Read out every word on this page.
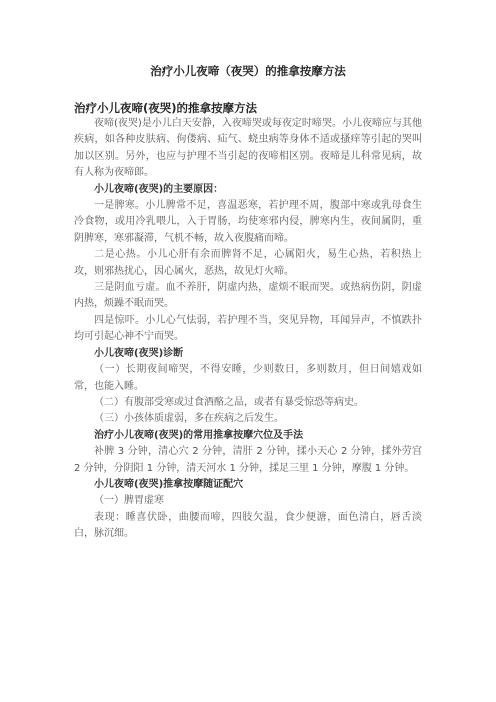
治疗小儿夜啼（夜哭）的推拿按摩方法
治疗小儿夜啼(夜哭)的推拿按摩方法

夜啼(夜哭)是小儿白天安静，入夜啼哭或每夜定时啼哭。小儿夜啼应与其他疾病，如各种皮肤病、佝偻病、疝气、蛲虫病等身体不适或搔痒等引起的哭叫加以区别。另外，也应与护理不当引起的夜啼相区别。夜啼是儿科常见病，故有人称为夜啼郎。

小儿夜啼(夜哭)的主要原因：

一是脾寒。小儿脾常不足，喜温恶寒，若护理不周，腹部中寒或乳母食生冷食物，或用冷乳喂儿，入于胃肠，均使寒邪内侵，脾寒内生，夜间属阴，重阴脾寒，寒邪凝滞，气机不畅，故入夜腹痛而啼。

二是心热。小儿心肝有余而脾肾不足，心属阳火，易生心热，若积热上攻，则邪热扰心，因心属火，恶热，故见灯火啼。

三是阴血亏虚。血不养肝，阴虚内热，虚烦不眠而哭。或热病伤阴，阴虚内热，烦躁不眠而哭。

四是惊吓。小儿心气怯弱，若护理不当，突见异物，耳闻异声，不慎跌扑均可引起心神不宁而哭。

小儿夜啼(夜哭)诊断

（一）长期夜间啼哭，不得安睡，少则数日，多则数月，但日间嬉戏如常，也能入睡。

（二）有腹部受寒或过食酒酪之品，或者有暴受惊恐等病史。

（三）小孩体质虚弱，多在疾病之后发生。

治疗小儿夜啼(夜哭)的常用推拿按摩穴位及手法

补脾 3 分钟，清心穴 2 分钟，清肝 2 分钟，揉小天心 2 分钟，揉外劳宫 2 分钟，分阴阳 1 分钟，清天河水 1 分钟，揉足三里 1 分钟，摩腹 1 分钟。

小儿夜啼(夜哭)推拿按摩随证配穴

（一）脾胃虚寒

表现：睡喜伏卧，曲腰而啼，四肢欠温，食少便溏，面色清白，唇舌淡白，脉沉细。
